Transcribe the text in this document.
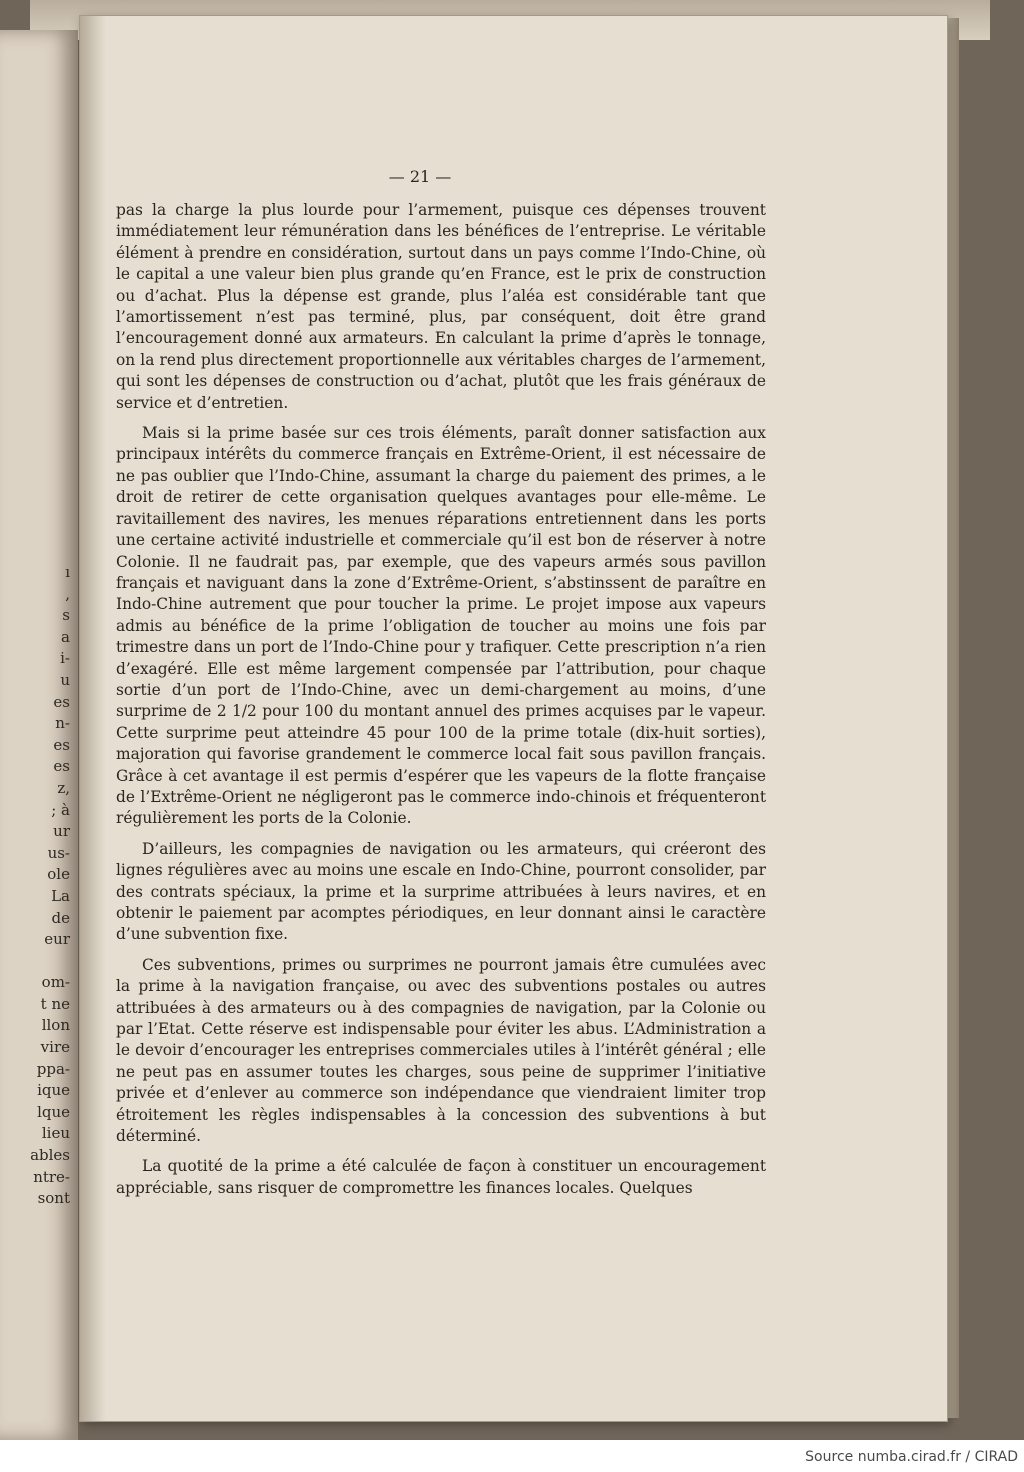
ı
,
s
a
i-
u
es
n-
es
es
z,
; à
ur
us-
ole
La
de
eur

om-
t ne
llon
vire
ppa-
ique
lque
lieu
ables
ntre-
sont
— 21 —

pas la charge la plus lourde pour l’armement, puisque ces dépenses trouvent immédiatement leur rémunération dans les bénéfices de l’entreprise. Le véritable élément à prendre en considération, surtout dans un pays comme l’Indo-Chine, où le capital a une valeur bien plus grande qu’en France, est le prix de construction ou d’achat. Plus la dépense est grande, plus l’aléa est considérable tant que l’amortissement n’est pas terminé, plus, par conséquent, doit être grand l’encouragement donné aux armateurs. En calculant la prime d’après le tonnage, on la rend plus directement proportionnelle aux véritables charges de l’armement, qui sont les dépenses de construction ou d’achat, plutôt que les frais généraux de service et d’entretien.

Mais si la prime basée sur ces trois éléments, paraît donner satisfaction aux principaux intérêts du commerce français en Extrême-Orient, il est nécessaire de ne pas oublier que l’Indo-Chine, assumant la charge du paiement des primes, a le droit de retirer de cette organisation quelques avantages pour elle-même. Le ravitaillement des navires, les menues réparations entretiennent dans les ports une certaine activité industrielle et commerciale qu’il est bon de réserver à notre Colonie. Il ne faudrait pas, par exemple, que des vapeurs armés sous pavillon français et naviguant dans la zone d’Extrême-Orient, s’abstinssent de paraître en Indo-Chine autrement que pour toucher la prime. Le projet impose aux vapeurs admis au bénéfice de la prime l’obligation de toucher au moins une fois par trimestre dans un port de l’Indo-Chine pour y trafiquer. Cette prescription n’a rien d’exagéré. Elle est même largement compensée par l’attribution, pour chaque sortie d’un port de l’Indo-Chine, avec un demi-chargement au moins, d’une surprime de 2 1/2 pour 100 du montant annuel des primes acquises par le vapeur. Cette surprime peut atteindre 45 pour 100 de la prime totale (dix-huit sorties), majoration qui favorise grandement le commerce local fait sous pavillon français. Grâce à cet avantage il est permis d’espérer que les vapeurs de la flotte française de l’Extrême-Orient ne négligeront pas le commerce indo-chinois et fréquenteront régulièrement les ports de la Colonie.

D’ailleurs, les compagnies de navigation ou les armateurs, qui créeront des lignes régulières avec au moins une escale en Indo-Chine, pourront consolider, par des contrats spéciaux, la prime et la surprime attribuées à leurs navires, et en obtenir le paiement par acomptes périodiques, en leur donnant ainsi le caractère d’une subvention fixe.

Ces subventions, primes ou surprimes ne pourront jamais être cumulées avec la prime à la navigation française, ou avec des subventions postales ou autres attribuées à des armateurs ou à des compagnies de navigation, par la Colonie ou par l’Etat. Cette réserve est indispensable pour éviter les abus. L’Administration a le devoir d’encourager les entreprises commerciales utiles à l’intérêt général ; elle ne peut pas en assumer toutes les charges, sous peine de supprimer l’initiative privée et d’enlever au commerce son indépendance que viendraient limiter trop étroitement les règles indispensables à la concession des subventions à but déterminé.

La quotité de la prime a été calculée de façon à constituer un encouragement appréciable, sans risquer de compromettre les finances locales. Quelques

Source numba.cirad.fr / CIRAD
